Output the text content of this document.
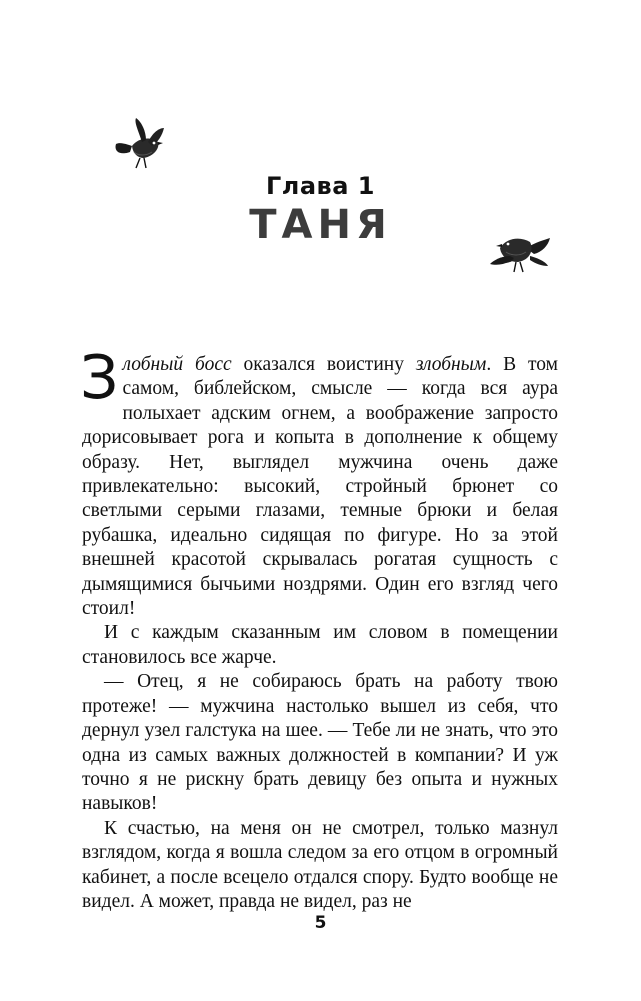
Глава 1
ТАНЯ

Злобный босс оказался воистину злобным. В том самом, библейском, смысле — когда вся аура полыхает адским огнем, а воображение запросто дорисовывает рога и копыта в дополнение к общему образу. Нет, выглядел мужчина очень даже привлекательно: высокий, стройный брюнет со светлыми серыми глазами, темные брюки и белая рубашка, идеально сидящая по фигуре. Но за этой внешней красотой скрывалась рогатая сущность с дымящимися бычьими ноздрями. Один его взгляд чего стоил!

И с каждым сказанным им словом в помещении становилось все жарче.

— Отец, я не собираюсь брать на работу твою протеже! — мужчина настолько вышел из себя, что дернул узел галстука на шее. — Тебе ли не знать, что это одна из самых важных должностей в компании? И уж точно я не рискну брать девицу без опыта и нужных навыков!

К счастью, на меня он не смотрел, только мазнул взглядом, когда я вошла следом за его отцом в огромный кабинет, а после всецело отдался спору. Будто вообще не видел. А может, правда не видел, раз не

5
